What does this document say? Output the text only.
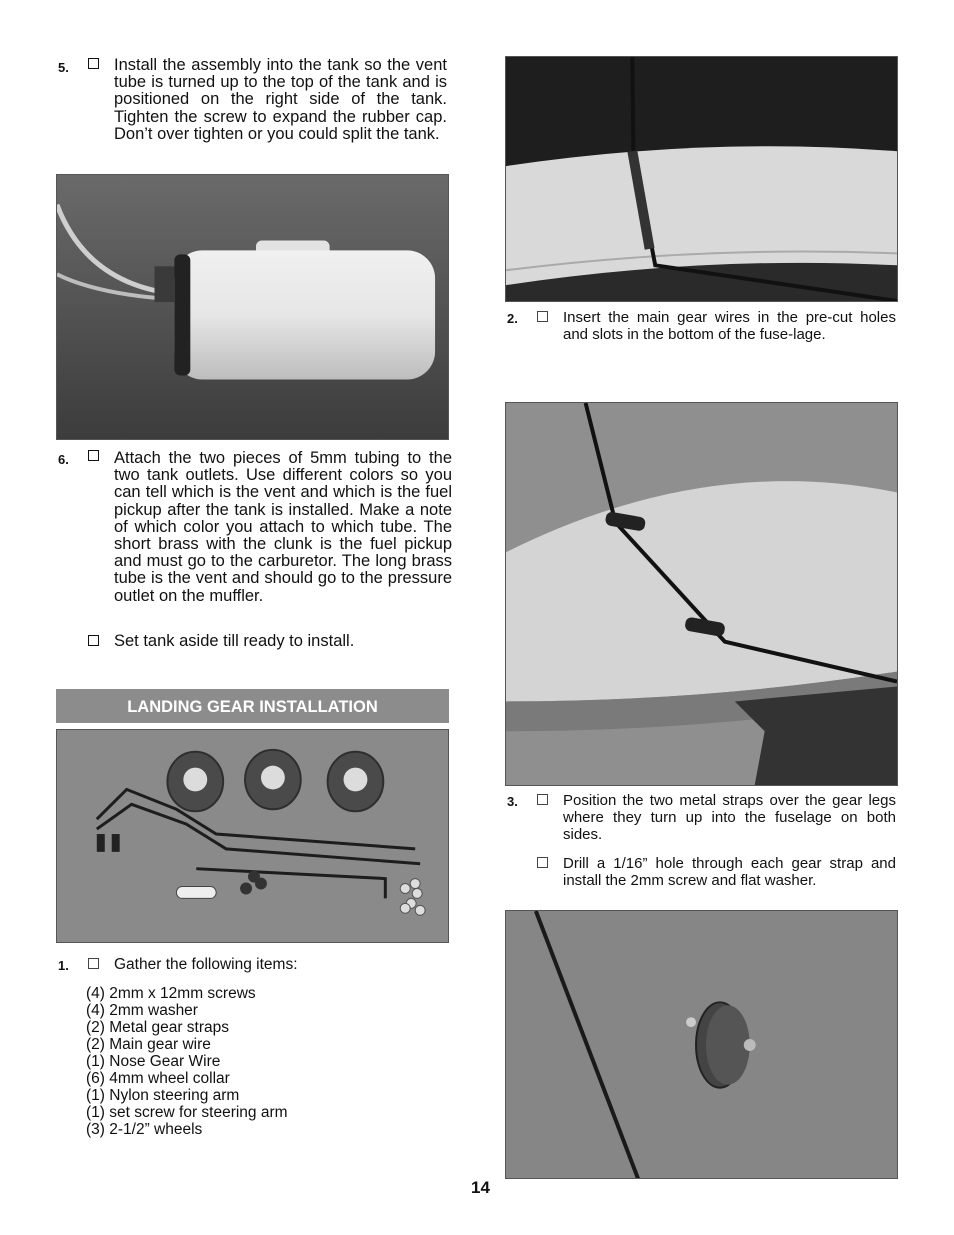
5.	Install the assembly into the tank so the vent tube is turned up to the top of the tank and is positioned on the right side of the tank. Tighten the screw to expand the rubber cap. Don’t over tighten or you could split the tank.
6.	Attach the two pieces of 5mm tubing to the two tank outlets. Use different colors so you can tell which is the vent and which is the fuel pickup after the tank is installed. Make a note of which color you attach to which tube. The short brass with the clunk is the fuel pickup and must go to the carburetor. The long brass tube is the vent and should go to the pressure outlet on the muffler.
Set tank aside till ready to install.
LANDING GEAR INSTALLATION
1.	Gather the following items:
(4) 2mm x 12mm screws
(4) 2mm washer
(2) Metal gear straps
(2) Main gear wire
(1) Nose Gear Wire
(6) 4mm wheel collar
(1) Nylon steering arm
(1) set screw for steering arm
(3) 2-1/2” wheels
2.	Insert the main gear wires in the pre-cut holes and slots in the bottom of the fuse-lage.
3.	Position the two metal straps over the gear legs where they turn up into the fuselage on both sides.
Drill a 1/16” hole through each gear strap and install the 2mm screw and flat washer.
14
